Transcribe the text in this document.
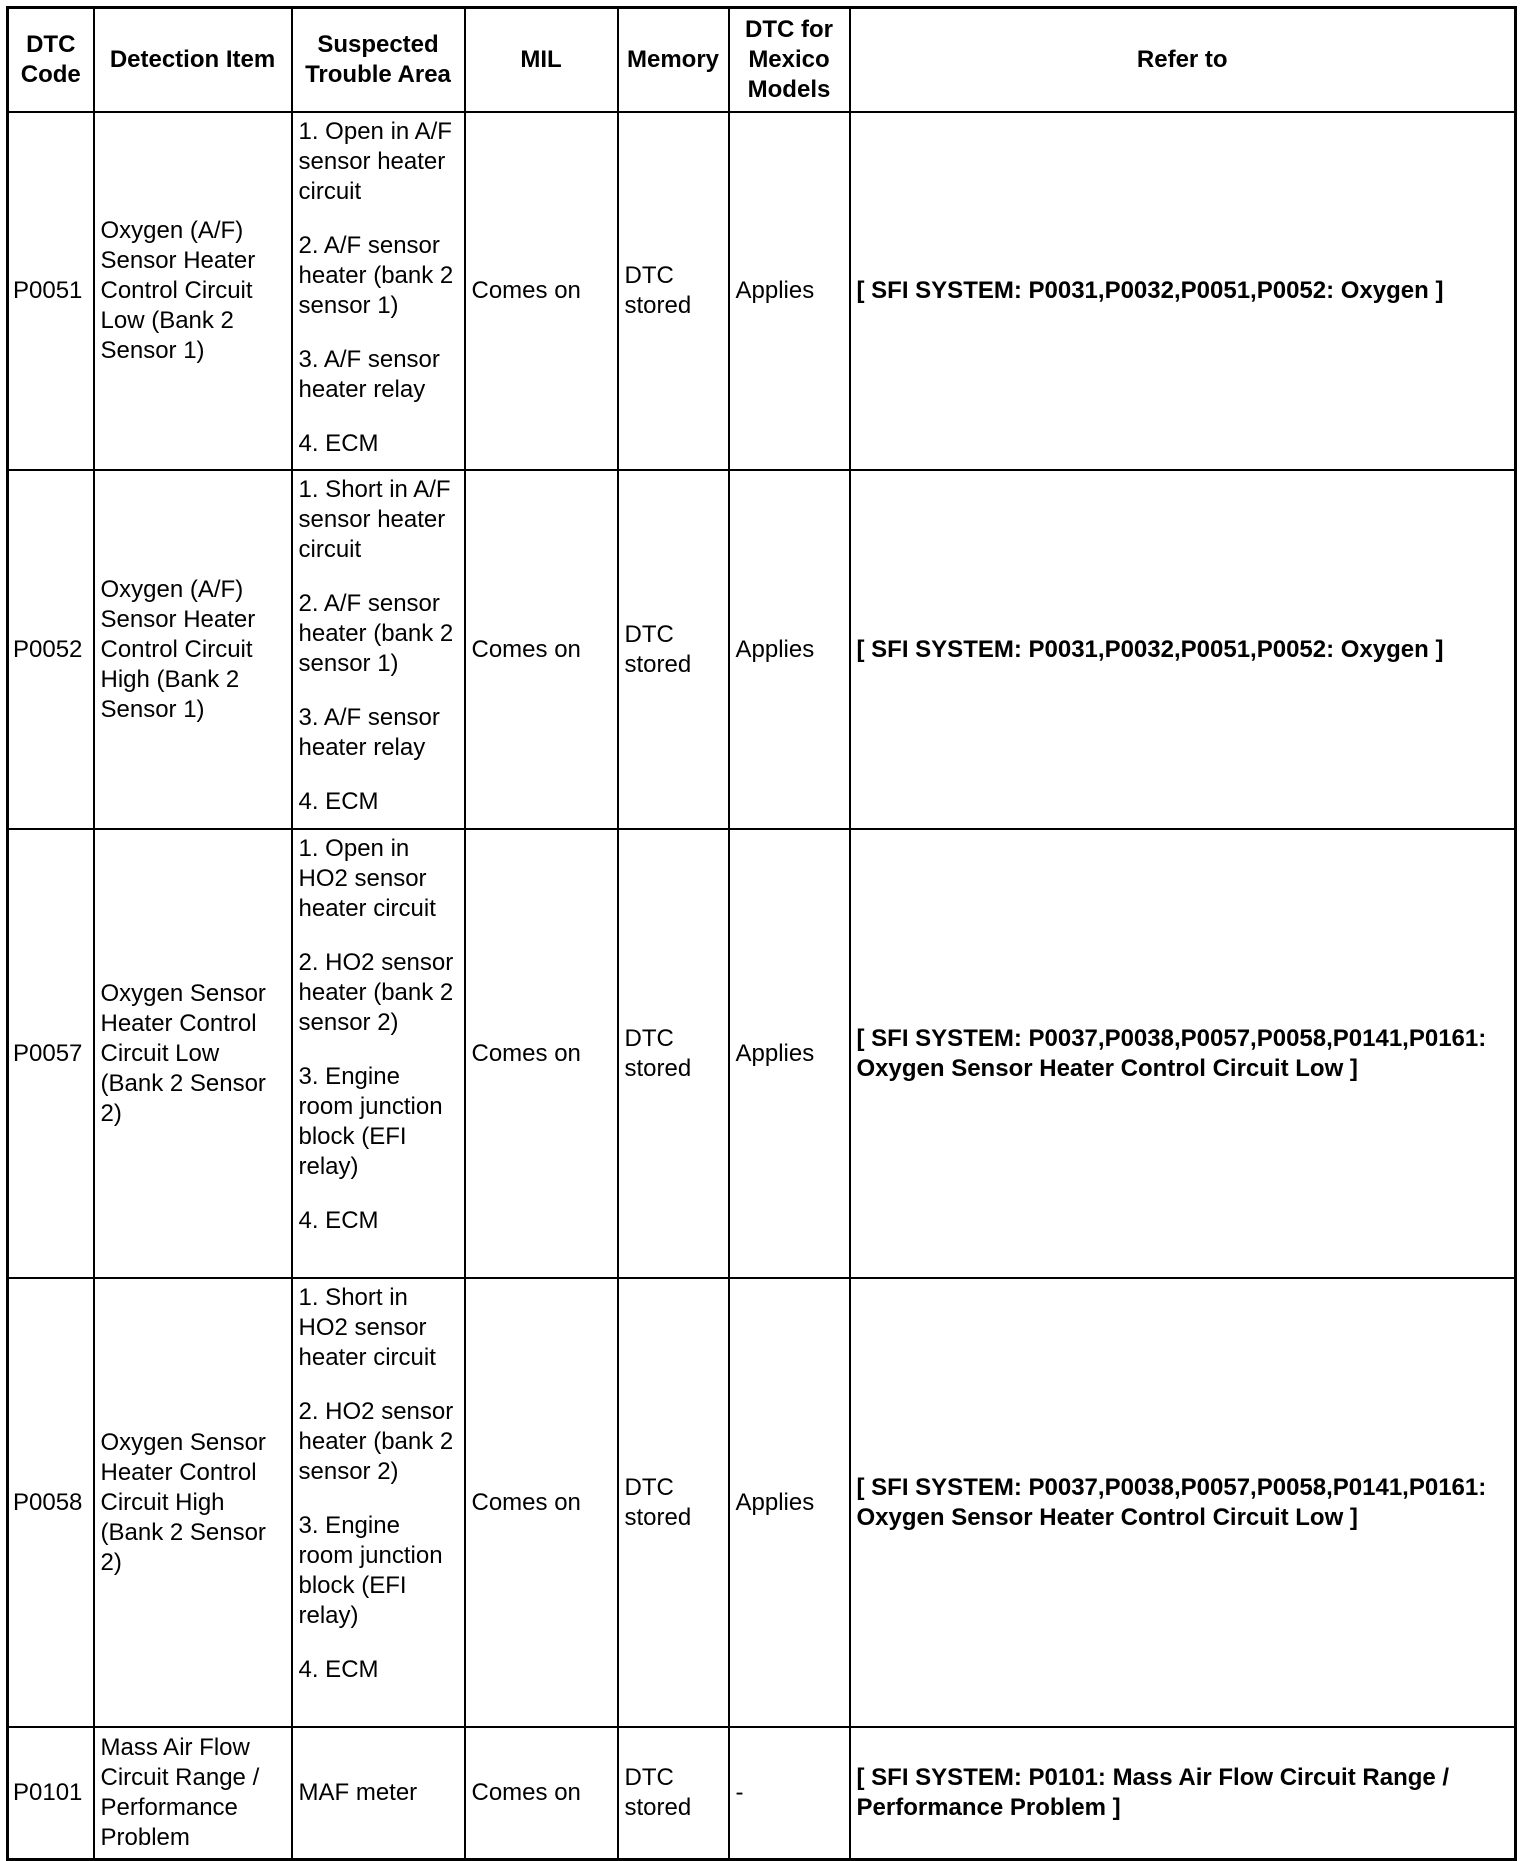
DTC Code	Detection Item	Suspected Trouble Area	MIL	Memory	DTC for Mexico Models	Refer to
P0051	Oxygen (A/F) Sensor Heater Control Circuit Low (Bank 2 Sensor 1)	1. Open in A/F sensor heater circuit
2. A/F sensor heater (bank 2 sensor 1)
3. A/F sensor heater relay
4. ECM	Comes on	DTC stored	Applies	[ SFI SYSTEM: P0031,P0032,P0051,P0052: Oxygen ]
P0052	Oxygen (A/F) Sensor Heater Control Circuit High (Bank 2 Sensor 1)	1. Short in A/F sensor heater circuit
2. A/F sensor heater (bank 2 sensor 1)
3. A/F sensor heater relay
4. ECM	Comes on	DTC stored	Applies	[ SFI SYSTEM: P0031,P0032,P0051,P0052: Oxygen ]
P0057	Oxygen Sensor Heater Control Circuit Low (Bank 2 Sensor 2)	1. Open in HO2 sensor heater circuit
2. HO2 sensor heater (bank 2 sensor 2)
3. Engine room junction block (EFI relay)
4. ECM	Comes on	DTC stored	Applies	[ SFI SYSTEM: P0037,P0038,P0057,P0058,P0141,P0161: Oxygen Sensor Heater Control Circuit Low ]
P0058	Oxygen Sensor Heater Control Circuit High (Bank 2 Sensor 2)	1. Short in HO2 sensor heater circuit
2. HO2 sensor heater (bank 2 sensor 2)
3. Engine room junction block (EFI relay)
4. ECM	Comes on	DTC stored	Applies	[ SFI SYSTEM: P0037,P0038,P0057,P0058,P0141,P0161: Oxygen Sensor Heater Control Circuit Low ]
P0101	Mass Air Flow Circuit Range / Performance Problem	MAF meter	Comes on	DTC stored	-	[ SFI SYSTEM: P0101: Mass Air Flow Circuit Range / Performance Problem ]
